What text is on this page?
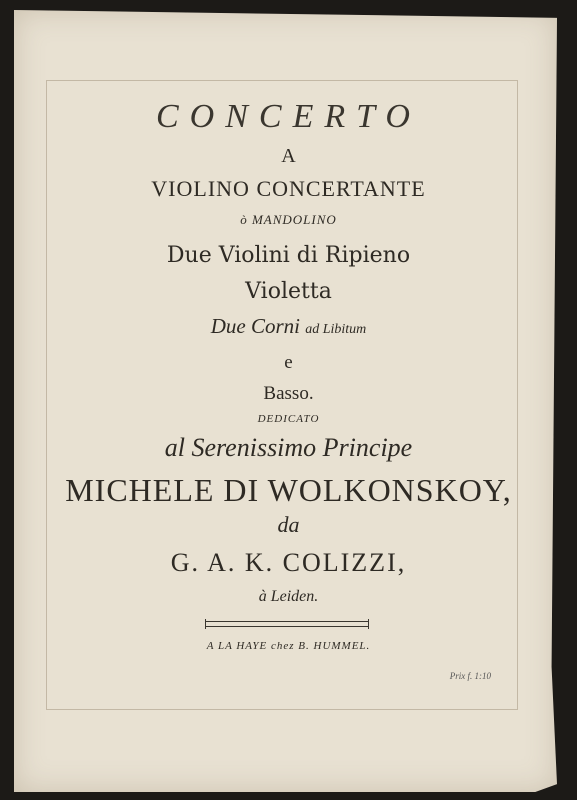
CONCERTO
A
VIOLINO CONCERTANTE
ò MANDOLINO
Due Violini di Ripieno
Violetta
Due Corni ad Libitum
e
Basso.
DEDICATO
al Serenissimo Principe
MICHELE DI WOLKONSKOY,
da
G. A. K. COLIZZI,
à Leiden.
A LA HAYE chez B. HUMMEL.
Prix f. 1:10
